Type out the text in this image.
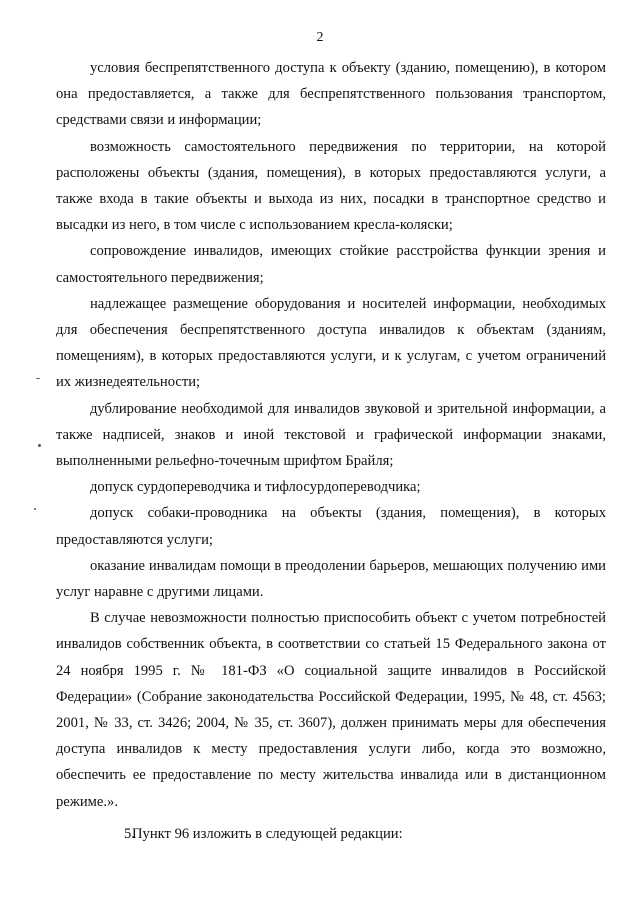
2

условия беспрепятственного доступа к объекту (зданию, помещению), в котором она предоставляется, а также для беспрепятственного пользования транспортом, средствами связи и информации;

возможность самостоятельного передвижения по территории, на которой расположены объекты (здания, помещения), в которых предоставляются услуги, а также входа в такие объекты и выхода из них, посадки в транспортное средство и высадки из него, в том числе с использованием кресла-коляски;

сопровождение инвалидов, имеющих стойкие расстройства функции зрения и самостоятельного передвижения;

надлежащее размещение оборудования и носителей информации, необходимых для обеспечения беспрепятственного доступа инвалидов к объектам (зданиям, помещениям), в которых предоставляются услуги, и к услугам, с учетом ограничений их жизнедеятельности;

дублирование необходимой для инвалидов звуковой и зрительной информации, а также надписей, знаков и иной текстовой и графической информации знаками, выполненными рельефно-точечным шрифтом Брайля;

допуск сурдопереводчика и тифлосурдопереводчика;

допуск собаки-проводника на объекты (здания, помещения), в которых предоставляются услуги;

оказание инвалидам помощи в преодолении барьеров, мешающих получению ими услуг наравне с другими лицами.

В случае невозможности полностью приспособить объект с учетом потребностей инвалидов собственник объекта, в соответствии со статьей 15 Федерального закона от 24 ноября 1995 г. № 181-ФЗ «О социальной защите инвалидов в Российской Федерации» (Собрание законодательства Российской Федерации, 1995, № 48, ст. 4563; 2001, № 33, ст. 3426; 2004, № 35, ст. 3607), должен принимать меры для обеспечения доступа инвалидов к месту предоставления услуги либо, когда это возможно, обеспечить ее предоставление по месту жительства инвалида или в дистанционном режиме.».

5.Пункт 96 изложить в следующей редакции:
